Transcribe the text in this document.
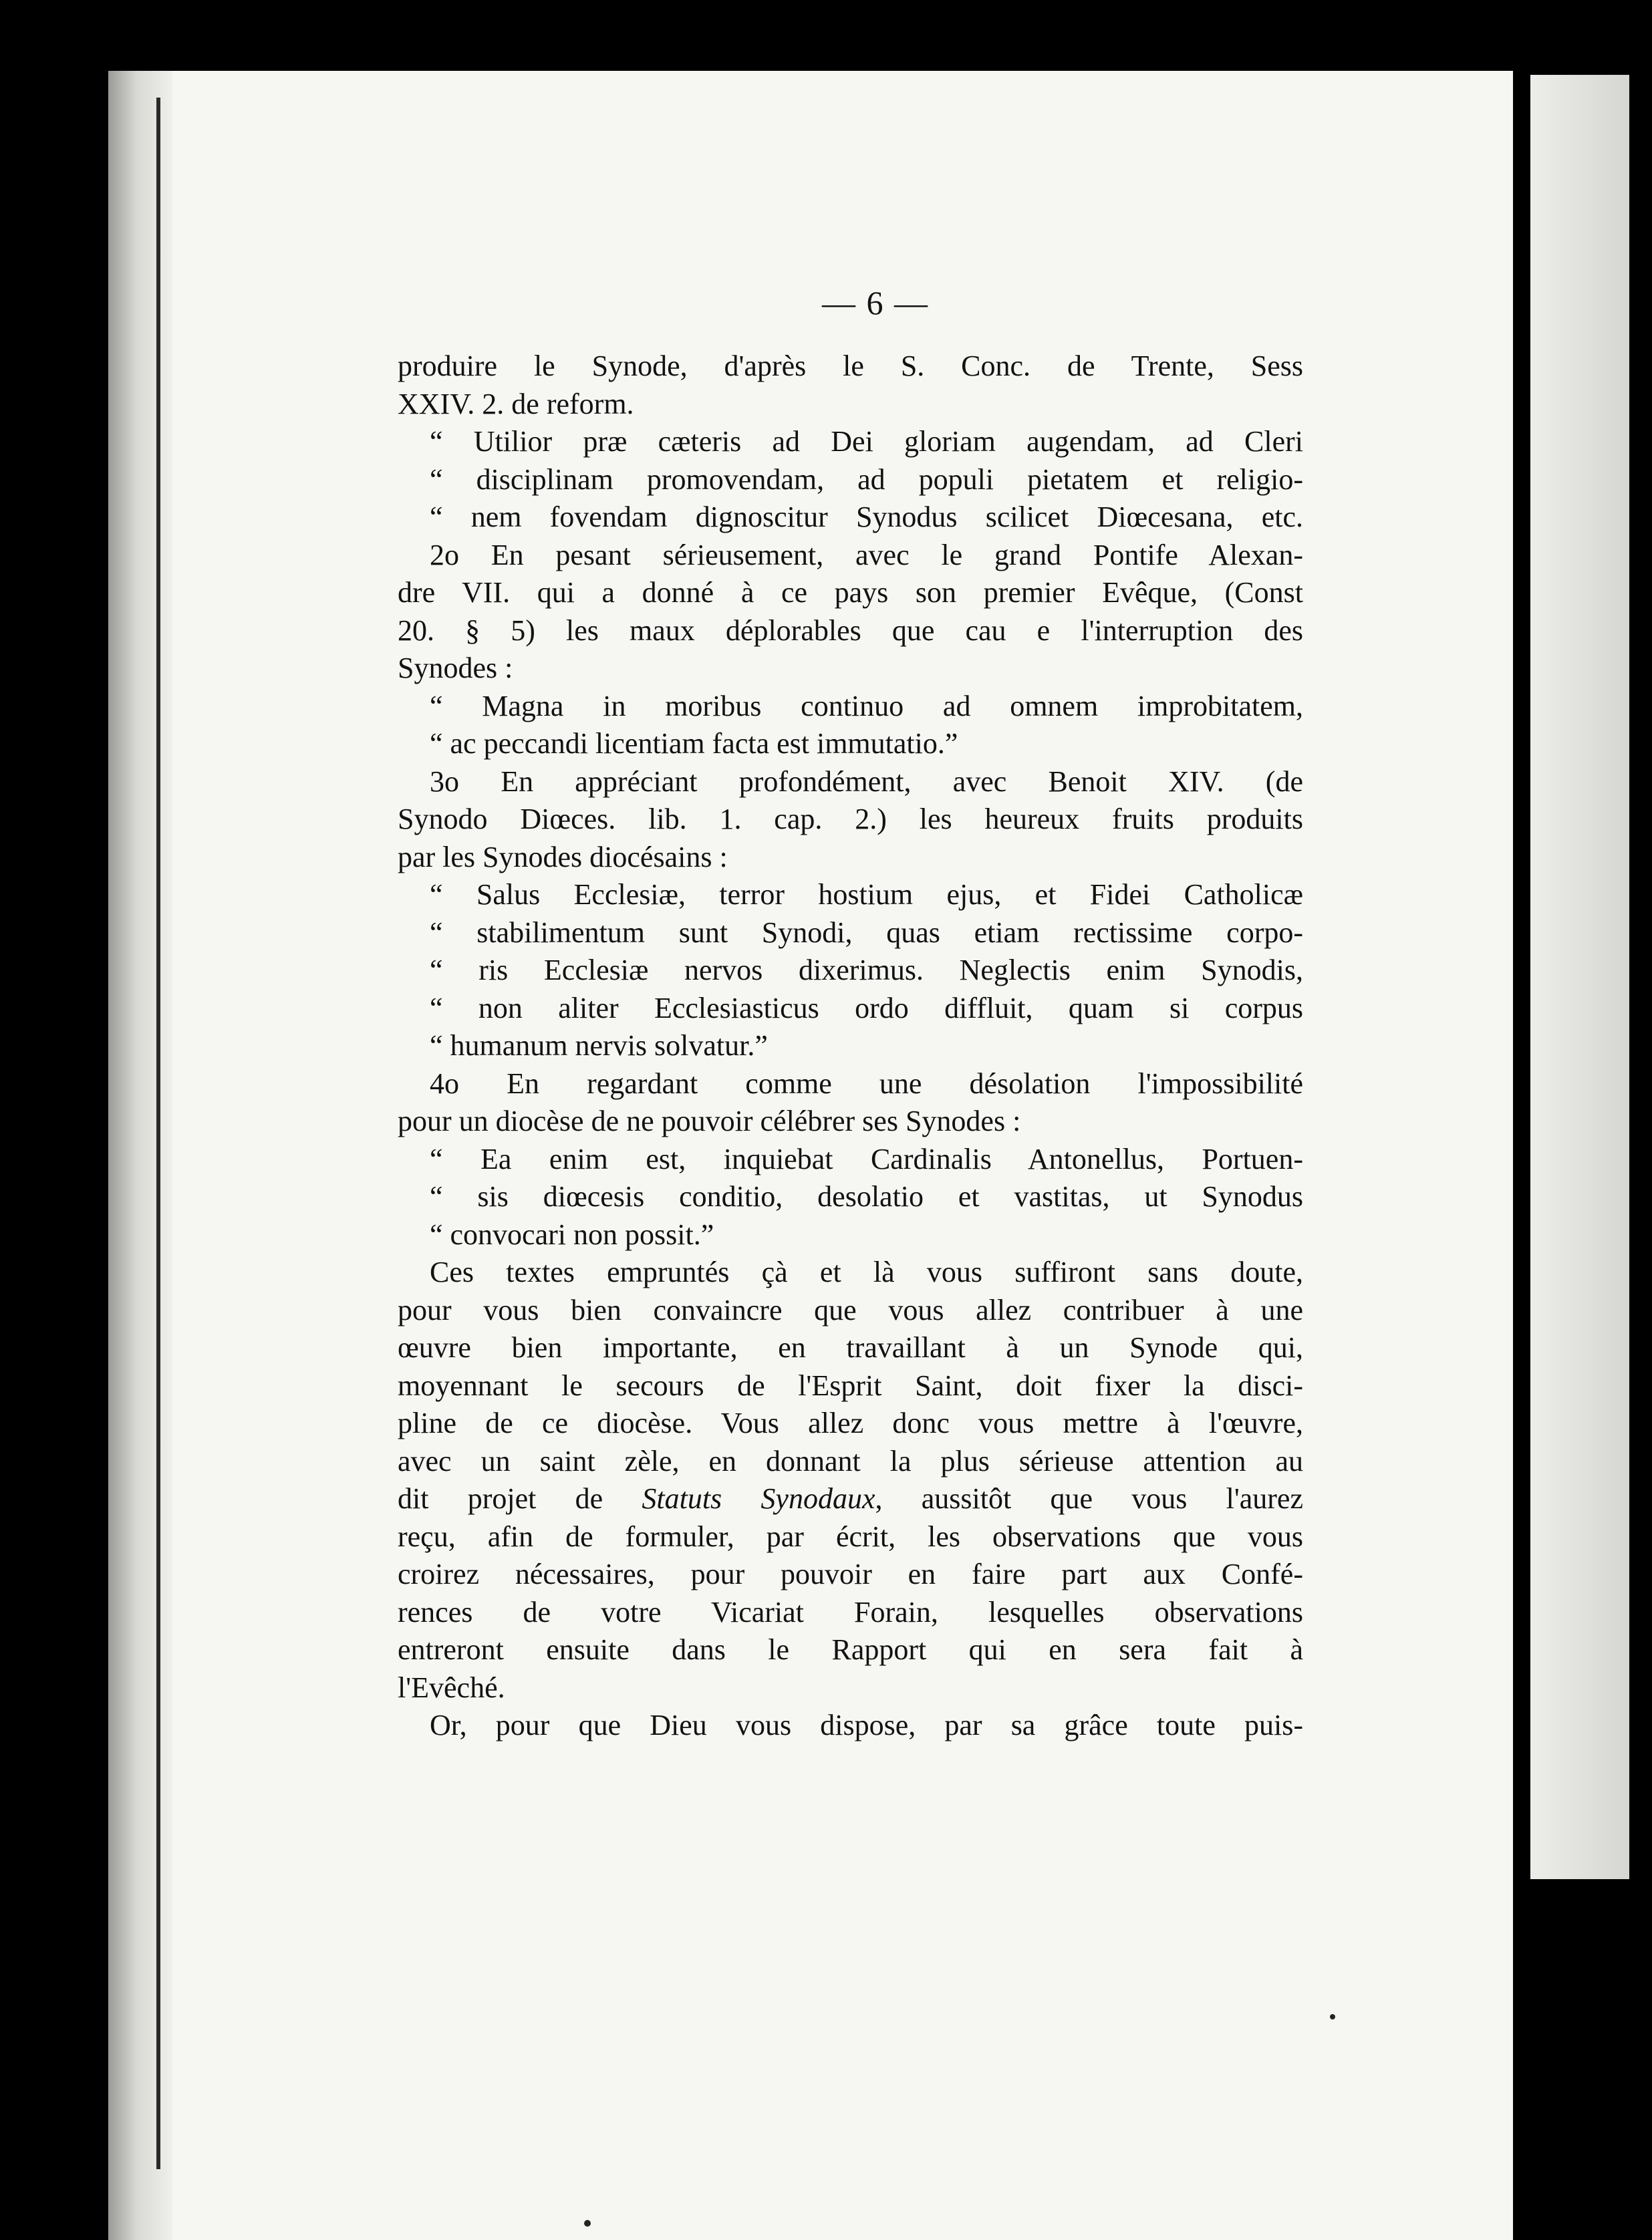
— 6 —
produire le Synode, d'après le S. Conc. de Trente, Sess
XXIV. 2. de reform.
“ Utilior præ cæteris ad Dei gloriam augendam, ad Cleri
“ disciplinam promovendam, ad populi pietatem et religio-
“ nem fovendam dignoscitur Synodus scilicet Diœcesana, etc.
2o En pesant sérieusement, avec le grand Pontife Alexan-
dre VII. qui a donné à ce pays son premier Evêque, (Const
20. § 5) les maux déplorables que cau e l'interruption des
Synodes :
“ Magna in moribus continuo ad omnem improbitatem,
“ ac peccandi licentiam facta est immutatio.”
3o En appréciant profondément, avec Benoit XIV. (de
Synodo Diœces. lib. 1. cap. 2.) les heureux fruits produits
par les Synodes diocésains :
“ Salus Ecclesiæ, terror hostium ejus, et Fidei Catholicæ
“ stabilimentum sunt Synodi, quas etiam rectissime corpo-
“ ris Ecclesiæ nervos dixerimus. Neglectis enim Synodis,
“ non aliter Ecclesiasticus ordo diffluit, quam si corpus
“ humanum nervis solvatur.”
4o En regardant comme une désolation l'impossibilité
pour un diocèse de ne pouvoir célébrer ses Synodes :
“ Ea enim est, inquiebat Cardinalis Antonellus, Portuen-
“ sis diœcesis conditio, desolatio et vastitas, ut Synodus
“ convocari non possit.”
Ces textes empruntés çà et là vous suffiront sans doute,
pour vous bien convaincre que vous allez contribuer à une
œuvre bien importante, en travaillant à un Synode qui,
moyennant le secours de l'Esprit Saint, doit fixer la disci-
pline de ce diocèse. Vous allez donc vous mettre à l'œuvre,
avec un saint zèle, en donnant la plus sérieuse attention au
dit projet de Statuts Synodaux, aussitôt que vous l'aurez
reçu, afin de formuler, par écrit, les observations que vous
croirez nécessaires, pour pouvoir en faire part aux Confé-
rences de votre Vicariat Forain, lesquelles observations
entreront ensuite dans le Rapport qui en sera fait à
l'Evêché.
Or, pour que Dieu vous dispose, par sa grâce toute puis-
